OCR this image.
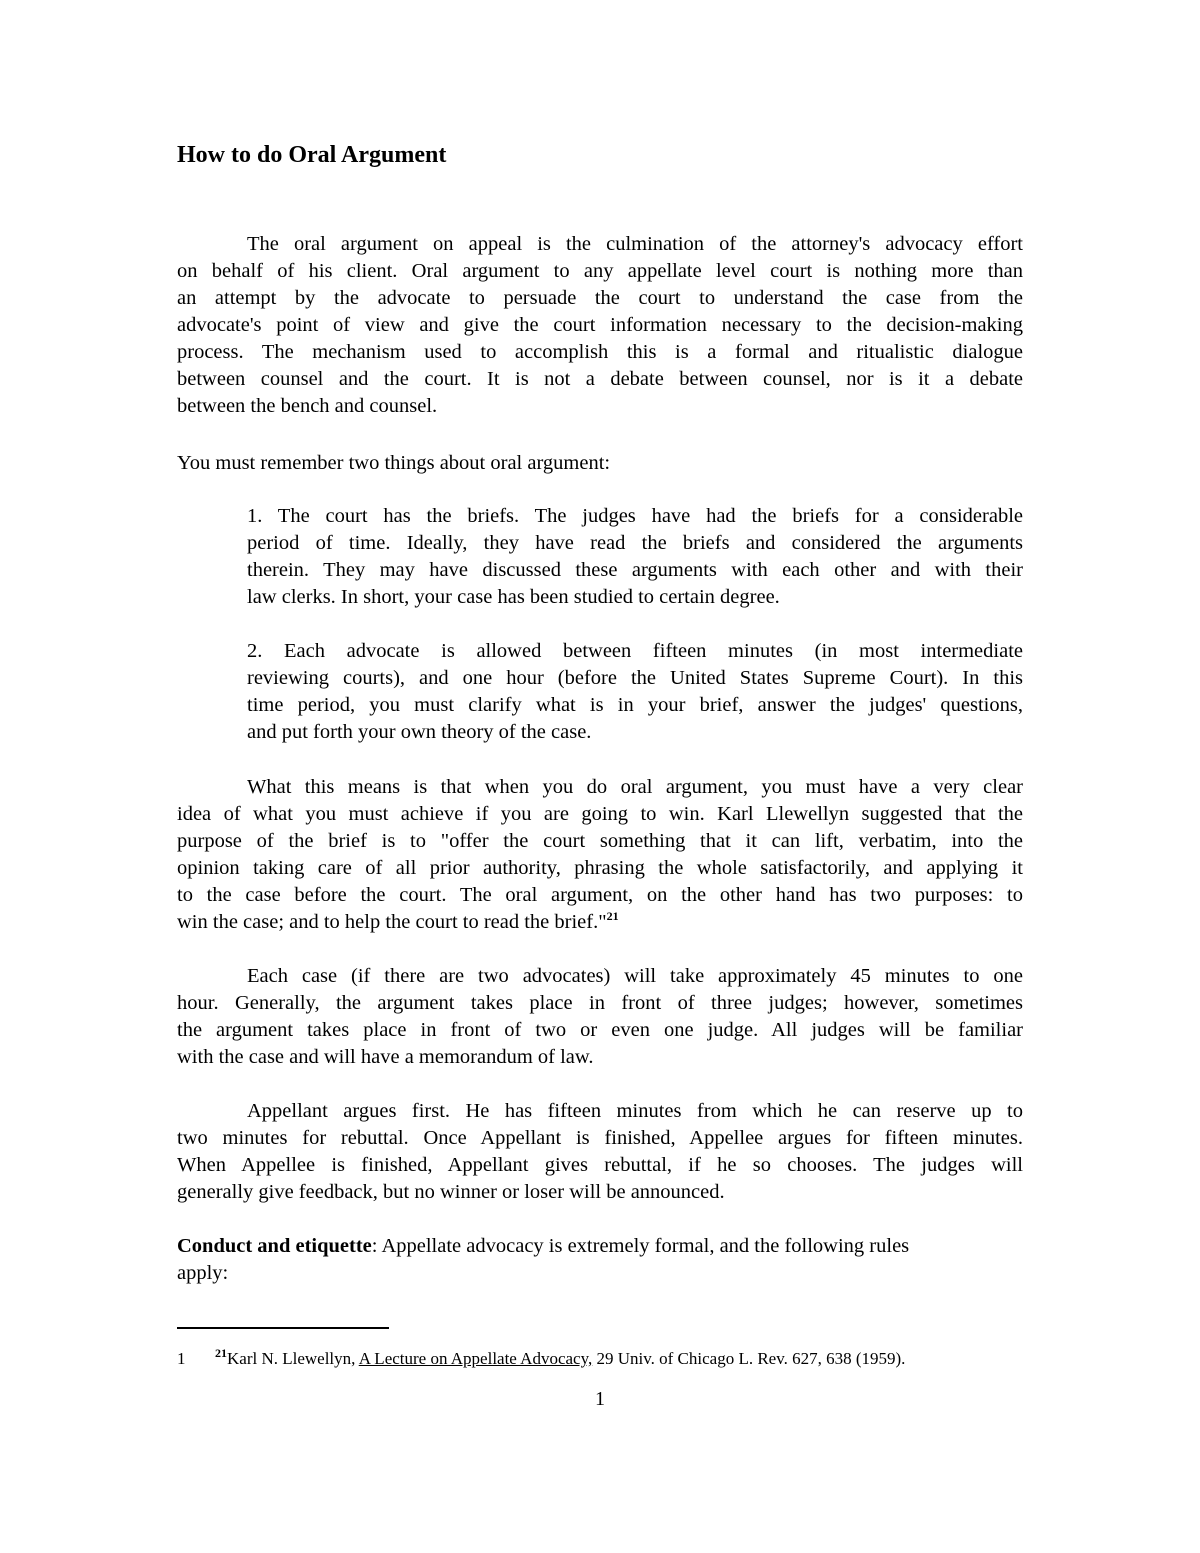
How to do Oral Argument
The oral argument on appeal is the culmination of the attorney's advocacy effort
on behalf of his client. Oral argument to any appellate level court is nothing more than
an attempt by the advocate to persuade the court to understand the case from the
advocate's point of view and give the court information necessary to the decision-making
process. The mechanism used to accomplish this is a formal and ritualistic dialogue
between counsel and the court. It is not a debate between counsel, nor is it a debate
between the bench and counsel.
You must remember two things about oral argument:
1. The court has the briefs. The judges have had the briefs for a considerable
period of time. Ideally, they have read the briefs and considered the arguments
therein. They may have discussed these arguments with each other and with their
law clerks. In short, your case has been studied to certain degree.
2. Each advocate is allowed between fifteen minutes (in most intermediate
reviewing courts), and one hour (before the United States Supreme Court). In this
time period, you must clarify what is in your brief, answer the judges' questions,
and put forth your own theory of the case.
What this means is that when you do oral argument, you must have a very clear
idea of what you must achieve if you are going to win. Karl Llewellyn suggested that the
purpose of the brief is to "offer the court something that it can lift, verbatim, into the
opinion taking care of all prior authority, phrasing the whole satisfactorily, and applying it
to the case before the court. The oral argument, on the other hand has two purposes: to
win the case; and to help the court to read the brief."$^{21}$
Each case (if there are two advocates) will take approximately 45 minutes to one
hour. Generally, the argument takes place in front of three judges; however, sometimes
the argument takes place in front of two or even one judge. All judges will be familiar
with the case and will have a memorandum of law.
Appellant argues first. He has fifteen minutes from which he can reserve up to
two minutes for rebuttal. Once Appellant is finished, Appellee argues for fifteen minutes.
When Appellee is finished, Appellant gives rebuttal, if he so chooses. The judges will
generally give feedback, but no winner or loser will be announced.
Conduct and etiquette: Appellate advocacy is extremely formal, and the following rules
apply:
1 $^{21}$Karl N. Llewellyn, A Lecture on Appellate Advocacy, 29 Univ. of Chicago L. Rev. 627, 638 (1959).
1
